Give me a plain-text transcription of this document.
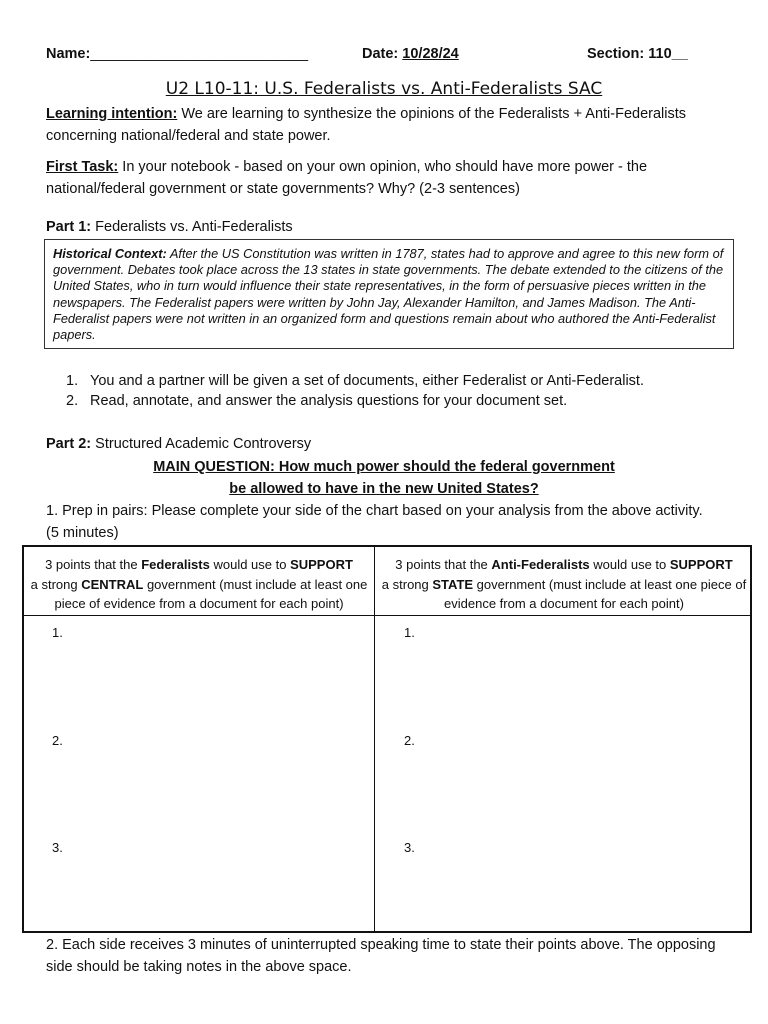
Name:___________________________	Date: 10/28/24	Section: 110__
U2 L10-11: U.S. Federalists vs. Anti-Federalists SAC
Learning intention: We are learning to synthesize the opinions of the Federalists + Anti-Federalists concerning national/federal and state power.
First Task: In your notebook - based on your own opinion, who should have more power - the national/federal government or state governments? Why? (2-3 sentences)
Part 1: Federalists vs. Anti-Federalists
Historical Context: After the US Constitution was written in 1787, states had to approve and agree to this new form of government. Debates took place across the 13 states in state governments. The debate extended to the citizens of the United States, who in turn would influence their state representatives, in the form of persuasive pieces written in the newspapers. The Federalist papers were written by John Jay, Alexander Hamilton, and James Madison. The Anti-Federalist papers were not written in an organized form and questions remain about who authored the Anti-Federalist papers.
1. You and a partner will be given a set of documents, either Federalist or Anti-Federalist.
2. Read, annotate, and answer the analysis questions for your document set.
Part 2: Structured Academic Controversy
MAIN QUESTION: How much power should the federal government
be allowed to have in the new United States?
1. Prep in pairs: Please complete your side of the chart based on your analysis from the above activity. (5 minutes)
3 points that the Federalists would use to SUPPORT
a strong CENTRAL government (must include at least one piece of evidence from a document for each point)
3 points that the Anti-Federalists would use to SUPPORT
a strong STATE government (must include at least one piece of evidence from a document for each point)
1.
2.
3.
1.
2.
3.
2. Each side receives 3 minutes of uninterrupted speaking time to state their points above. The opposing side should be taking notes in the above space.
